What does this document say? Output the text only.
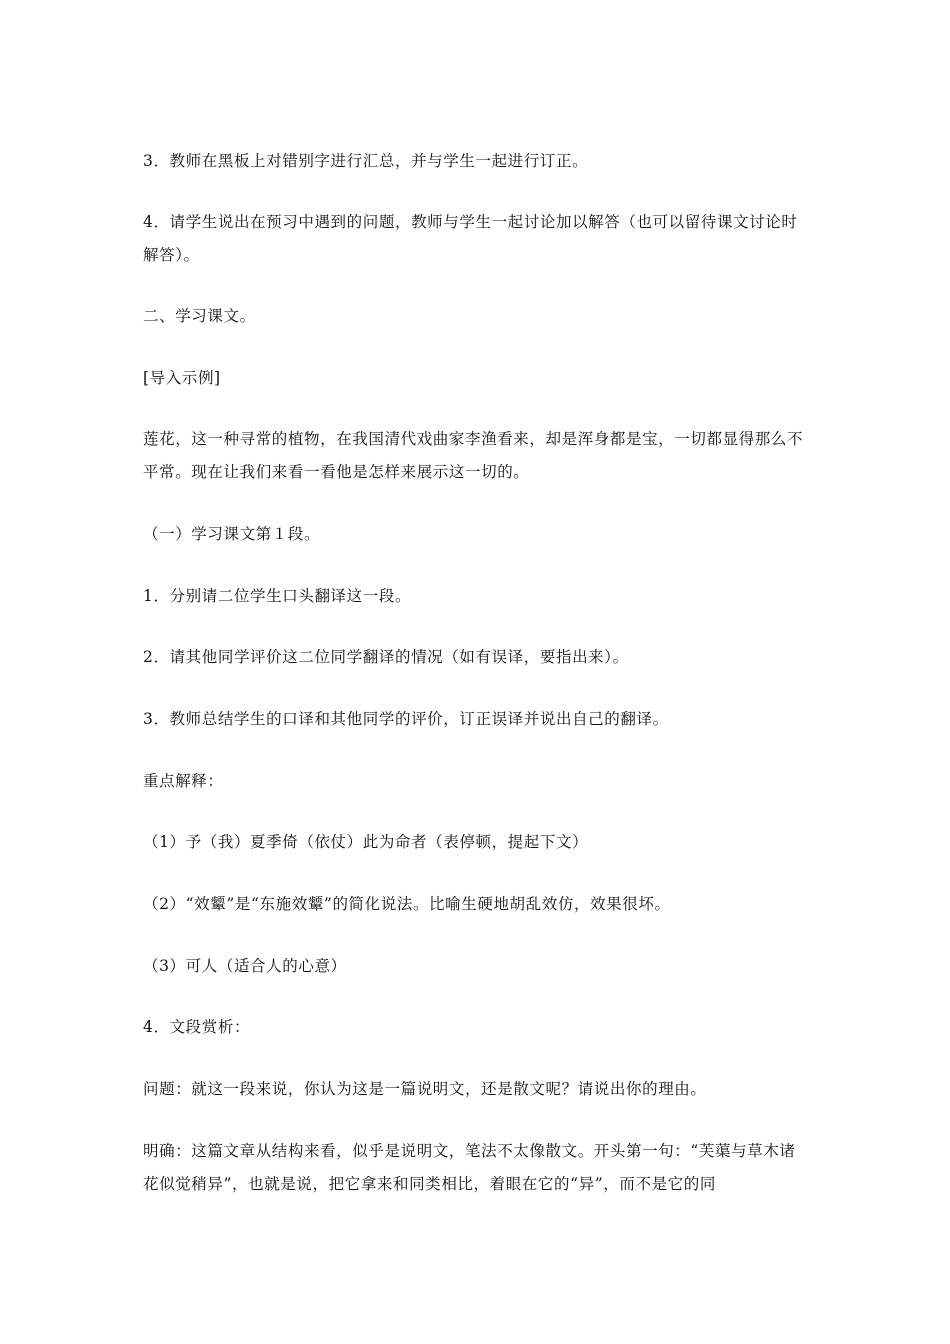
3．教师在黑板上对错别字进行汇总，并与学生一起进行订正。

4．请学生说出在预习中遇到的问题，教师与学生一起讨论加以解答（也可以留待课文讨论时解答）。

二、学习课文。

[导入示例]

莲花，这一种寻常的植物，在我国清代戏曲家李渔看来，却是浑身都是宝，一切都显得那么不平常。现在让我们来看一看他是怎样来展示这一切的。

（一）学习课文第１段。

1．分别请二位学生口头翻译这一段。

2．请其他同学评价这二位同学翻译的情况（如有误译，要指出来）。

3．教师总结学生的口译和其他同学的评价，订正误译并说出自己的翻译。

重点解释：

（1）予（我）夏季倚（依仗）此为命者（表停顿，提起下文）

（2）“效颦”是“东施效颦”的简化说法。比喻生硬地胡乱效仿，效果很坏。

（3）可人（适合人的心意）

4．文段赏析：

问题：就这一段来说，你认为这是一篇说明文，还是散文呢？请说出你的理由。

明确：这篇文章从结构来看，似乎是说明文，笔法不太像散文。开头第一句：“芙蕖与草木诸花似觉稍异”，也就是说，把它拿来和同类相比，着眼在它的“异”，而不是它的同
